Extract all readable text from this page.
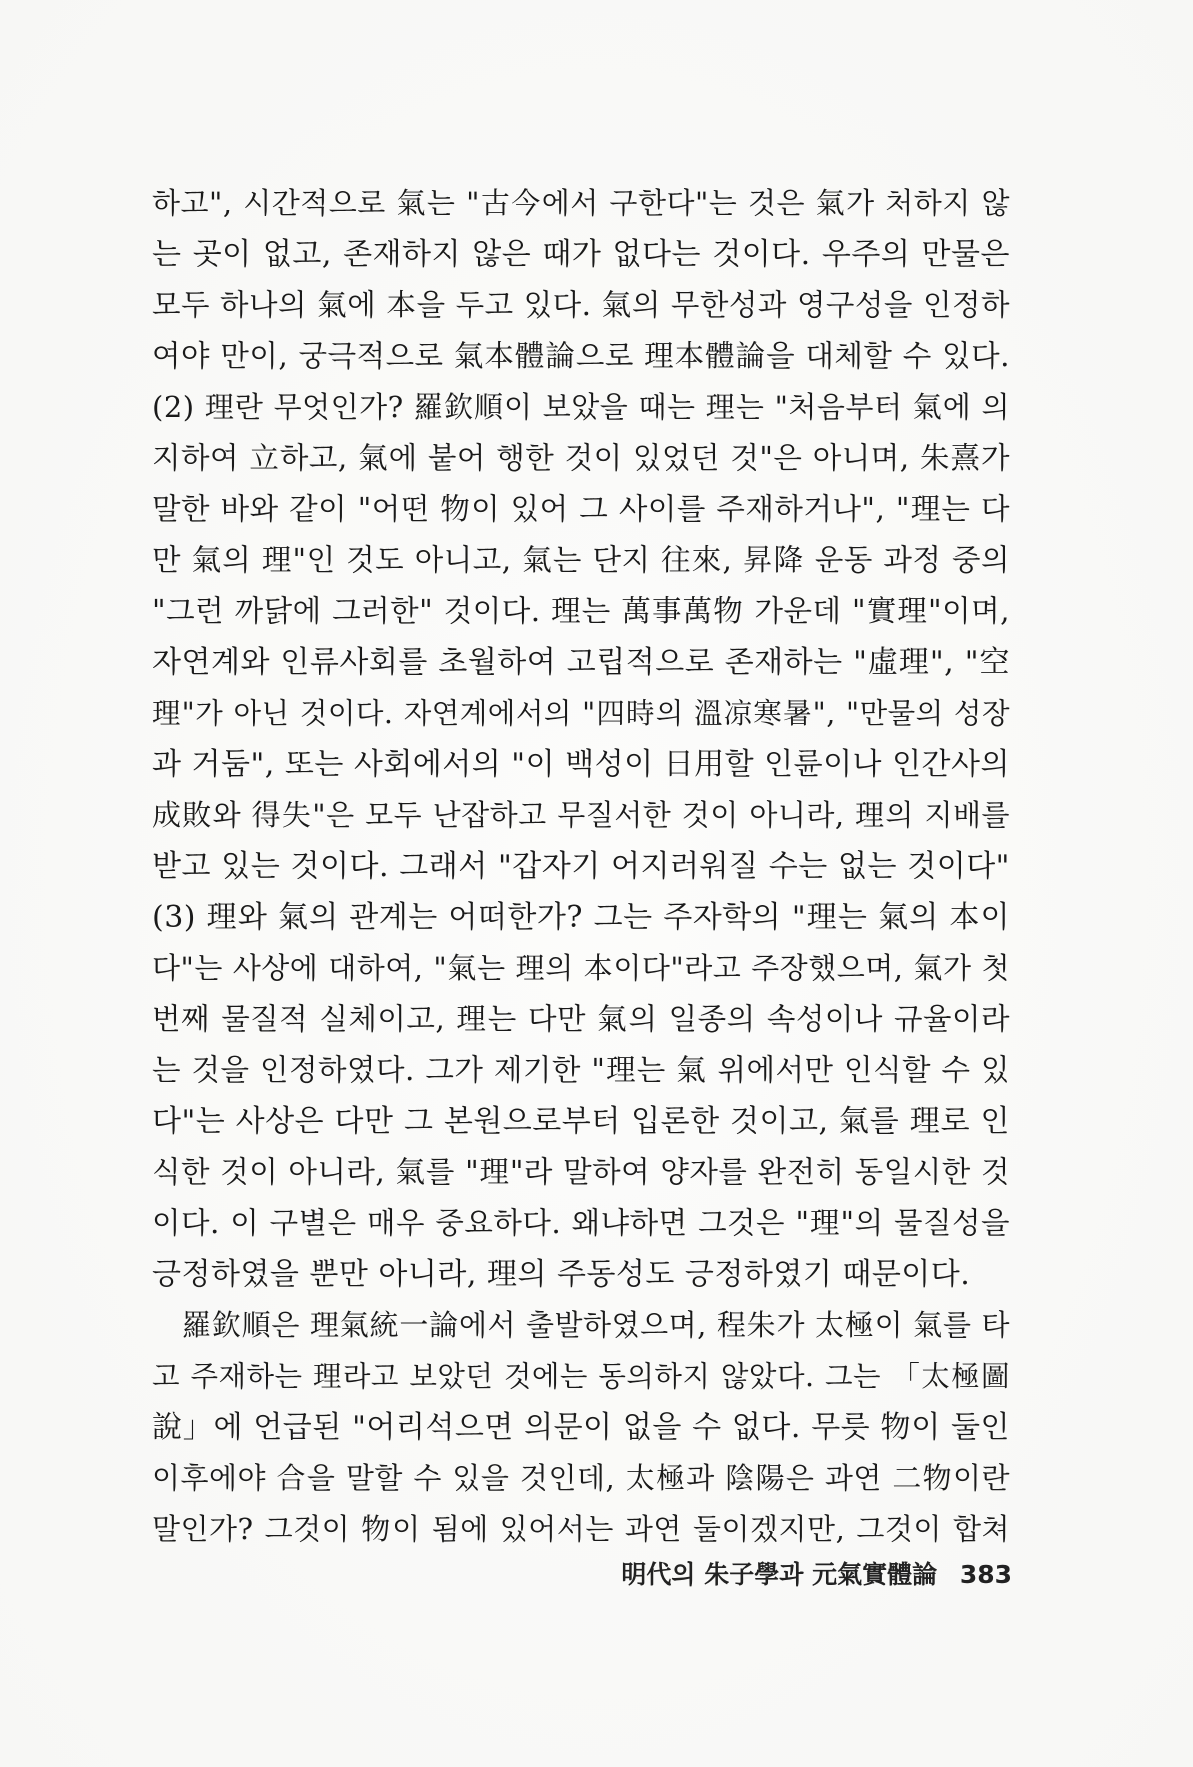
하고", 시간적으로 氣는 "古今에서 구한다"는 것은 氣가 처하지 않
는 곳이 없고, 존재하지 않은 때가 없다는 것이다. 우주의 만물은
모두 하나의 氣에 本을 두고 있다. 氣의 무한성과 영구성을 인정하
여야 만이, 궁극적으로 氣本體論으로 理本體論을 대체할 수 있다.
(2) 理란 무엇인가? 羅欽順이 보았을 때는 理는 "처음부터 氣에 의
지하여 立하고, 氣에 붙어 행한 것이 있었던 것"은 아니며, 朱熹가
말한 바와 같이 "어떤 物이 있어 그 사이를 주재하거나", "理는 다
만 氣의 理"인 것도 아니고, 氣는 단지 往來, 昇降 운동 과정 중의
"그런 까닭에 그러한" 것이다. 理는 萬事萬物 가운데 "實理"이며,
자연계와 인류사회를 초월하여 고립적으로 존재하는 "虛理", "空
理"가 아닌 것이다. 자연계에서의 "四時의 溫凉寒暑", "만물의 성장
과 거둠", 또는 사회에서의 "이 백성이 日用할 인륜이나 인간사의
成敗와 得失"은 모두 난잡하고 무질서한 것이 아니라, 理의 지배를
받고 있는 것이다. 그래서 "갑자기 어지러워질 수는 없는 것이다"
(3) 理와 氣의 관계는 어떠한가? 그는 주자학의 "理는 氣의 本이
다"는 사상에 대하여, "氣는 理의 本이다"라고 주장했으며, 氣가 첫
번째 물질적 실체이고, 理는 다만 氣의 일종의 속성이나 규율이라
는 것을 인정하였다. 그가 제기한 "理는 氣 위에서만 인식할 수 있
다"는 사상은 다만 그 본원으로부터 입론한 것이고, 氣를 理로 인
식한 것이 아니라, 氣를 "理"라 말하여 양자를 완전히 동일시한 것
이다. 이 구별은 매우 중요하다. 왜냐하면 그것은 "理"의 물질성을
긍정하였을 뿐만 아니라, 理의 주동성도 긍정하였기 때문이다.
羅欽順은 理氣統一論에서 출발하였으며, 程朱가 太極이 氣를 타
고 주재하는 理라고 보았던 것에는 동의하지 않았다. 그는 「太極圖
說」에 언급된 "어리석으면 의문이 없을 수 없다. 무릇 物이 둘인
이후에야 合을 말할 수 있을 것인데, 太極과 陰陽은 과연 二物이란
말인가? 그것이 物이 됨에 있어서는 과연 둘이겠지만, 그것이 합쳐
明代의 朱子學과 元氣實體論 383
